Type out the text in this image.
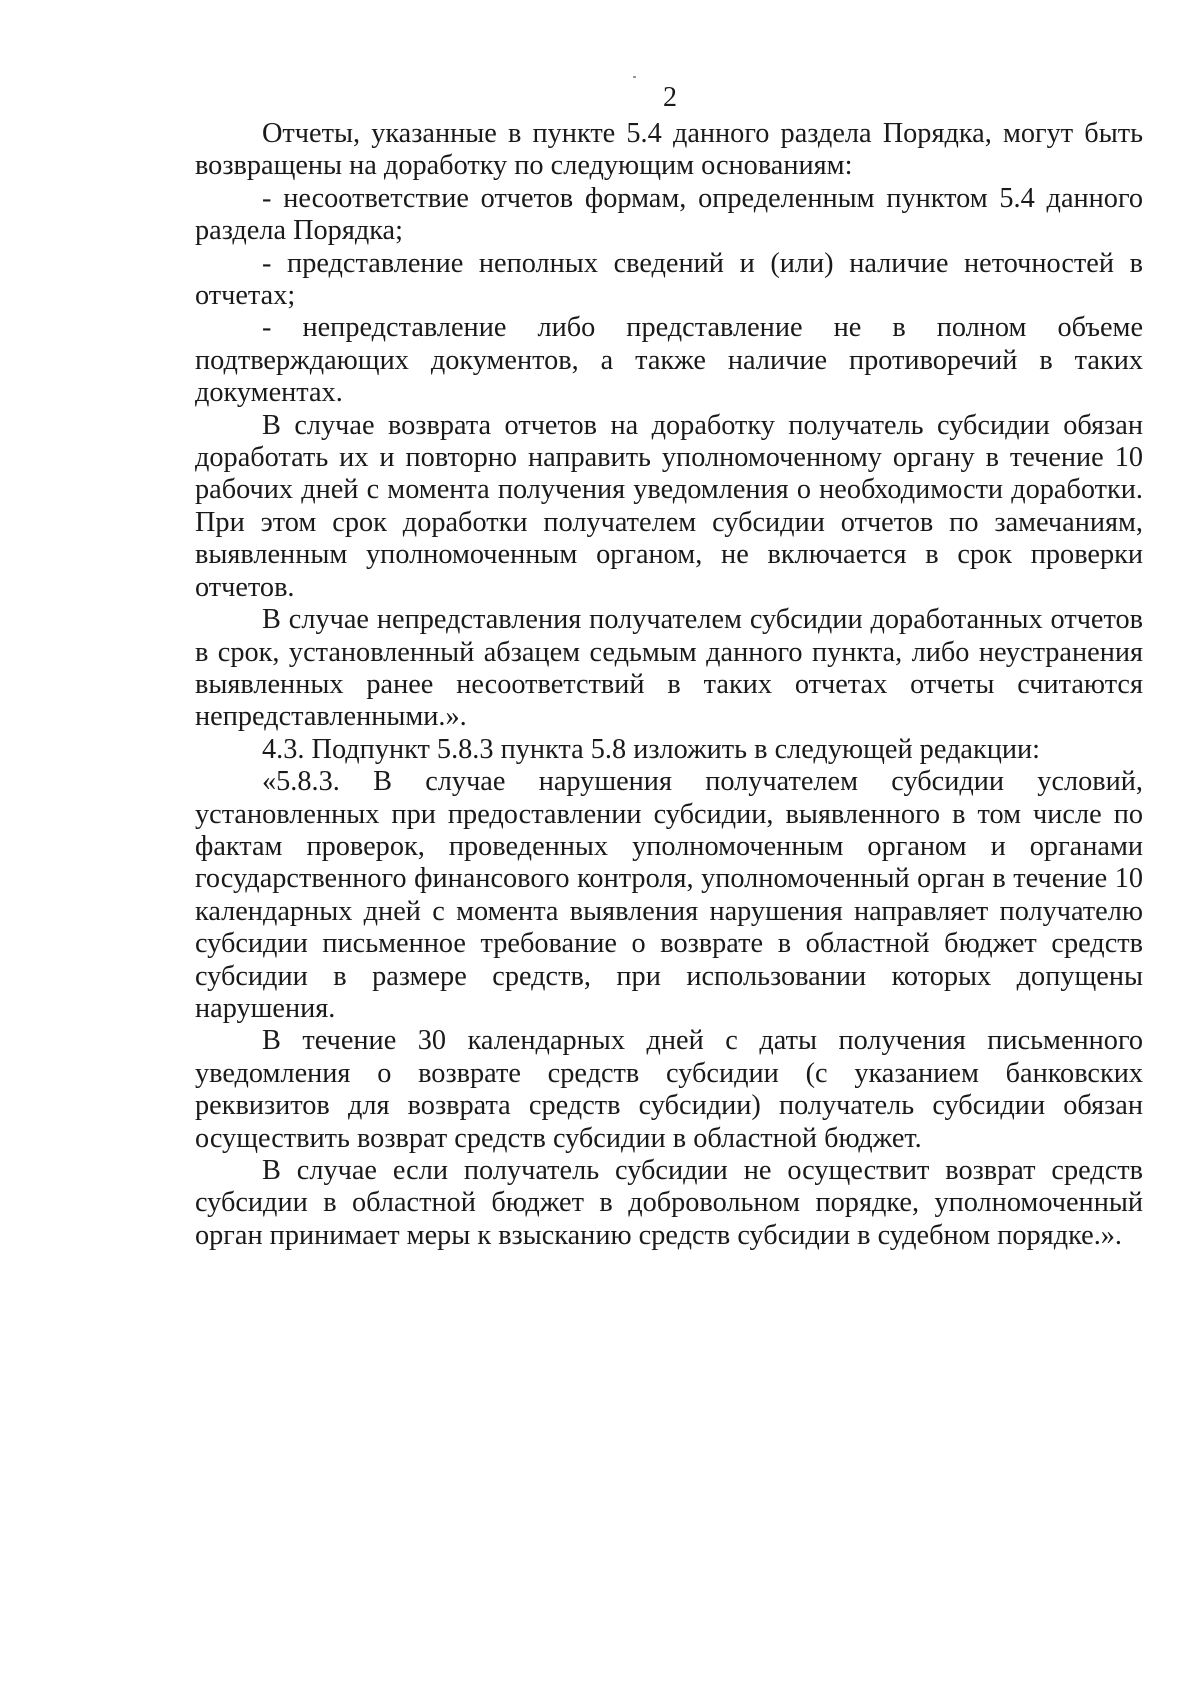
2

Отчеты, указанные в пункте 5.4 данного раздела Порядка, могут быть возвращены на доработку по следующим основаниям:

- несоответствие отчетов формам, определенным пунктом 5.4 данного раздела Порядка;

- представление неполных сведений и (или) наличие неточностей в отчетах;

- непредставление либо представление не в полном объеме подтверждающих документов, а также наличие противоречий в таких документах.

В случае возврата отчетов на доработку получатель субсидии обязан доработать их и повторно направить уполномоченному органу в течение 10 рабочих дней с момента получения уведомления о необходимости доработки. При этом срок доработки получателем субсидии отчетов по замечаниям, выявленным уполномоченным органом, не включается в срок проверки отчетов.

В случае непредставления получателем субсидии доработанных отчетов в срок, установленный абзацем седьмым данного пункта, либо неустранения выявленных ранее несоответствий в таких отчетах отчеты считаются непредставленными.».

4.3. Подпункт 5.8.3 пункта 5.8 изложить в следующей редакции:

«5.8.3. В случае нарушения получателем субсидии условий, установленных при предоставлении субсидии, выявленного в том числе по фактам проверок, проведенных уполномоченным органом и органами государственного финансового контроля, уполномоченный орган в течение 10 календарных дней с момента выявления нарушения направляет получателю субсидии письменное требование о возврате в областной бюджет средств субсидии в размере средств, при использовании которых допущены нарушения.

В течение 30 календарных дней с даты получения письменного уведомления о возврате средств субсидии (с указанием банковских реквизитов для возврата средств субсидии) получатель субсидии обязан осуществить возврат средств субсидии в областной бюджет.

В случае если получатель субсидии не осуществит возврат средств субсидии в областной бюджет в добровольном порядке, уполномоченный орган принимает меры к взысканию средств субсидии в судебном порядке.».
